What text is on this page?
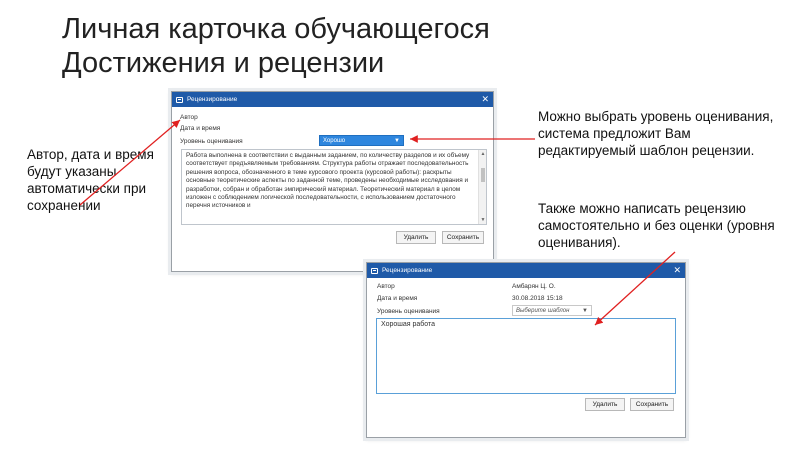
Личная карточка обучающегося
Достижения и рецензии
Автор, дата и время будут указаны автоматически при сохранении
Можно выбрать уровень оценивания, система предложит Вам редактируемый шаблон рецензии.
Также можно написать рецензию самостоятельно и без оценки (уровня оценивания).
Рецензирование	✕
Автор
Дата и время
Уровень оценивания	Хорошо	▼
Работа выполнена в соответствии с выданным заданием, по количеству разделов и их объему соответствует предъявляемым требованиям. Структура работы отражает последовательность решения вопроса, обозначенного в теме курсового проекта (курсовой работы): раскрыты основные теоретические аспекты по заданной теме, проведены необходимые исследования и разработки, собран и обработан эмпирический материал. Теоретический материал в целом изложен с соблюдением логической последовательности, с использованием достаточного перечня источников и
▲
▼
Удалить	Сохранить
Рецензирование	✕
Автор	Амбарян Ц. О.
Дата и время	30.08.2018 15:18
Уровень оценивания	Выберите шаблон ▼
Хорошая работа
Удалить	Сохранить
